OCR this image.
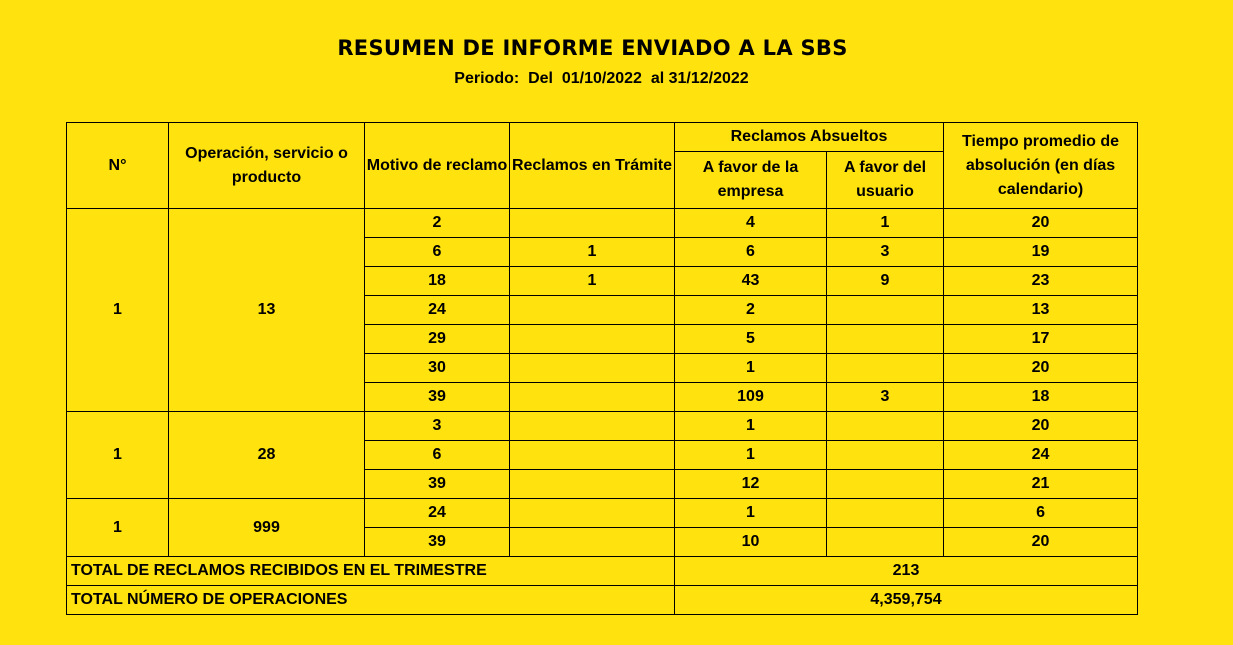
RESUMEN DE INFORME ENVIADO A LA SBS
Periodo:  Del  01/10/2022  al 31/12/2022
N°	Operación, servicio o producto	Motivo de reclamo	Reclamos en Trámite	Reclamos Absueltos		Tiempo promedio de absolución (en días calendario)
				A favor de la empresa	A favor del usuario	
1	13	2		4	1	20
		6	1	6	3	19
		18	1	43	9	23
		24		2		13
		29		5		17
		30		1		20
		39		109	3	18
1	28	3		1		20
		6		1		24
		39		12		21
1	999	24		1		6
		39		10		20
TOTAL DE RECLAMOS RECIBIDOS EN EL TRIMESTRE				213		
TOTAL NÚMERO DE OPERACIONES				4,359,754		
